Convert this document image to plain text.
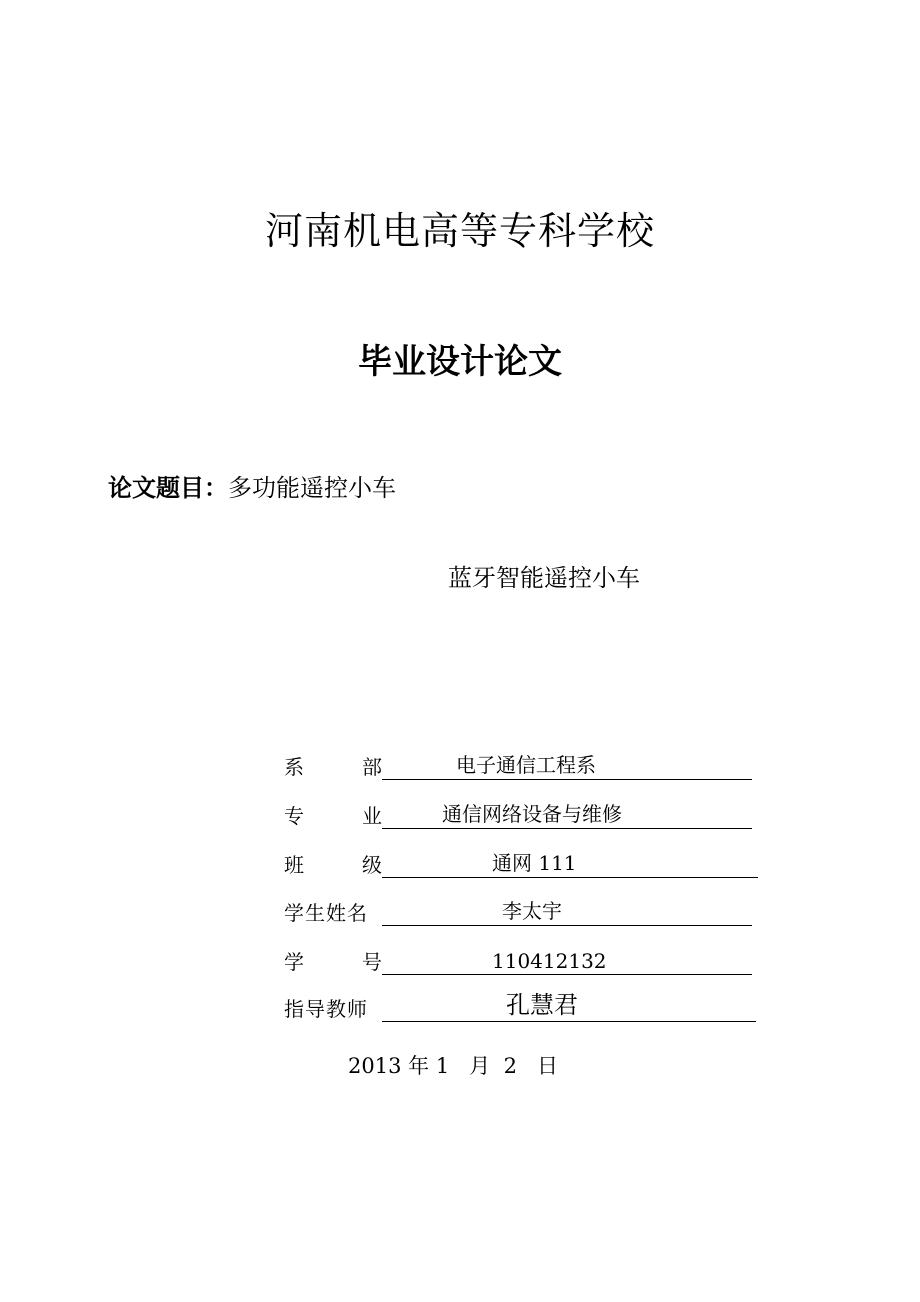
河南机电高等专科学校
毕业设计论文
论文题目：多功能遥控小车
蓝牙智能遥控小车
系	部	电子通信工程系
专	业	通信网络设备与维修
班	级	通网 111
学生姓名	李太宇
学	号	110412132
指导教师	孔慧君
2013 年 1 月 2 日
